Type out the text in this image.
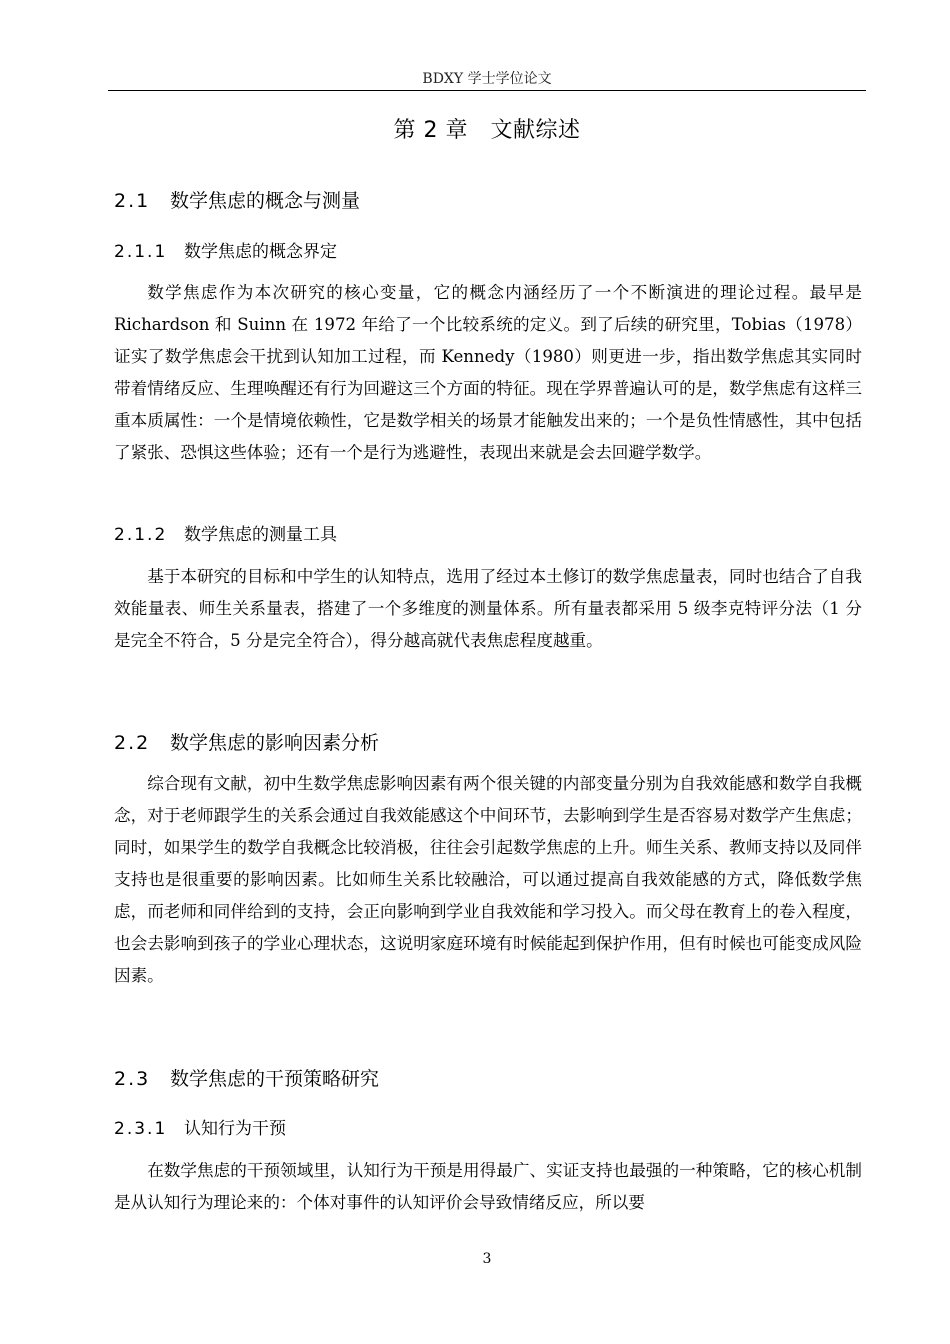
BDXY 学士学位论文
第 2 章　文献综述
2.1 数学焦虑的概念与测量
2.1.1 数学焦虑的概念界定

数学焦虑作为本次研究的核心变量，它的概念内涵经历了一个不断演进的理论过程。最早是 Richardson 和 Suinn 在 1972 年给了一个比较系统的定义。到了后续的研究里，Tobias（1978）证实了数学焦虑会干扰到认知加工过程，而 Kennedy（1980）则更进一步，指出数学焦虑其实同时带着情绪反应、生理唤醒还有行为回避这三个方面的特征。现在学界普遍认可的是，数学焦虑有这样三重本质属性：一个是情境依赖性，它是数学相关的场景才能触发出来的；一个是负性情感性，其中包括了紧张、恐惧这些体验；还有一个是行为逃避性，表现出来就是会去回避学数学。

2.1.2 数学焦虑的测量工具

基于本研究的目标和中学生的认知特点，选用了经过本土修订的数学焦虑量表，同时也结合了自我效能量表、师生关系量表，搭建了一个多维度的测量体系。所有量表都采用 5 级李克特评分法（1 分是完全不符合，5 分是完全符合），得分越高就代表焦虑程度越重。

2.2 数学焦虑的影响因素分析

综合现有文献，初中生数学焦虑影响因素有两个很关键的内部变量分别为自我效能感和数学自我概念，对于老师跟学生的关系会通过自我效能感这个中间环节，去影响到学生是否容易对数学产生焦虑；同时，如果学生的数学自我概念比较消极，往往会引起数学焦虑的上升。师生关系、教师支持以及同伴支持也是很重要的影响因素。比如师生关系比较融洽，可以通过提高自我效能感的方式，降低数学焦虑，而老师和同伴给到的支持，会正向影响到学业自我效能和学习投入。而父母在教育上的卷入程度，也会去影响到孩子的学业心理状态，这说明家庭环境有时候能起到保护作用，但有时候也可能变成风险因素。

2.3 数学焦虑的干预策略研究
2.3.1 认知行为干预

在数学焦虑的干预领域里，认知行为干预是用得最广、实证支持也最强的一种策略，它的核心机制是从认知行为理论来的：个体对事件的认知评价会导致情绪反应，所以要

3
